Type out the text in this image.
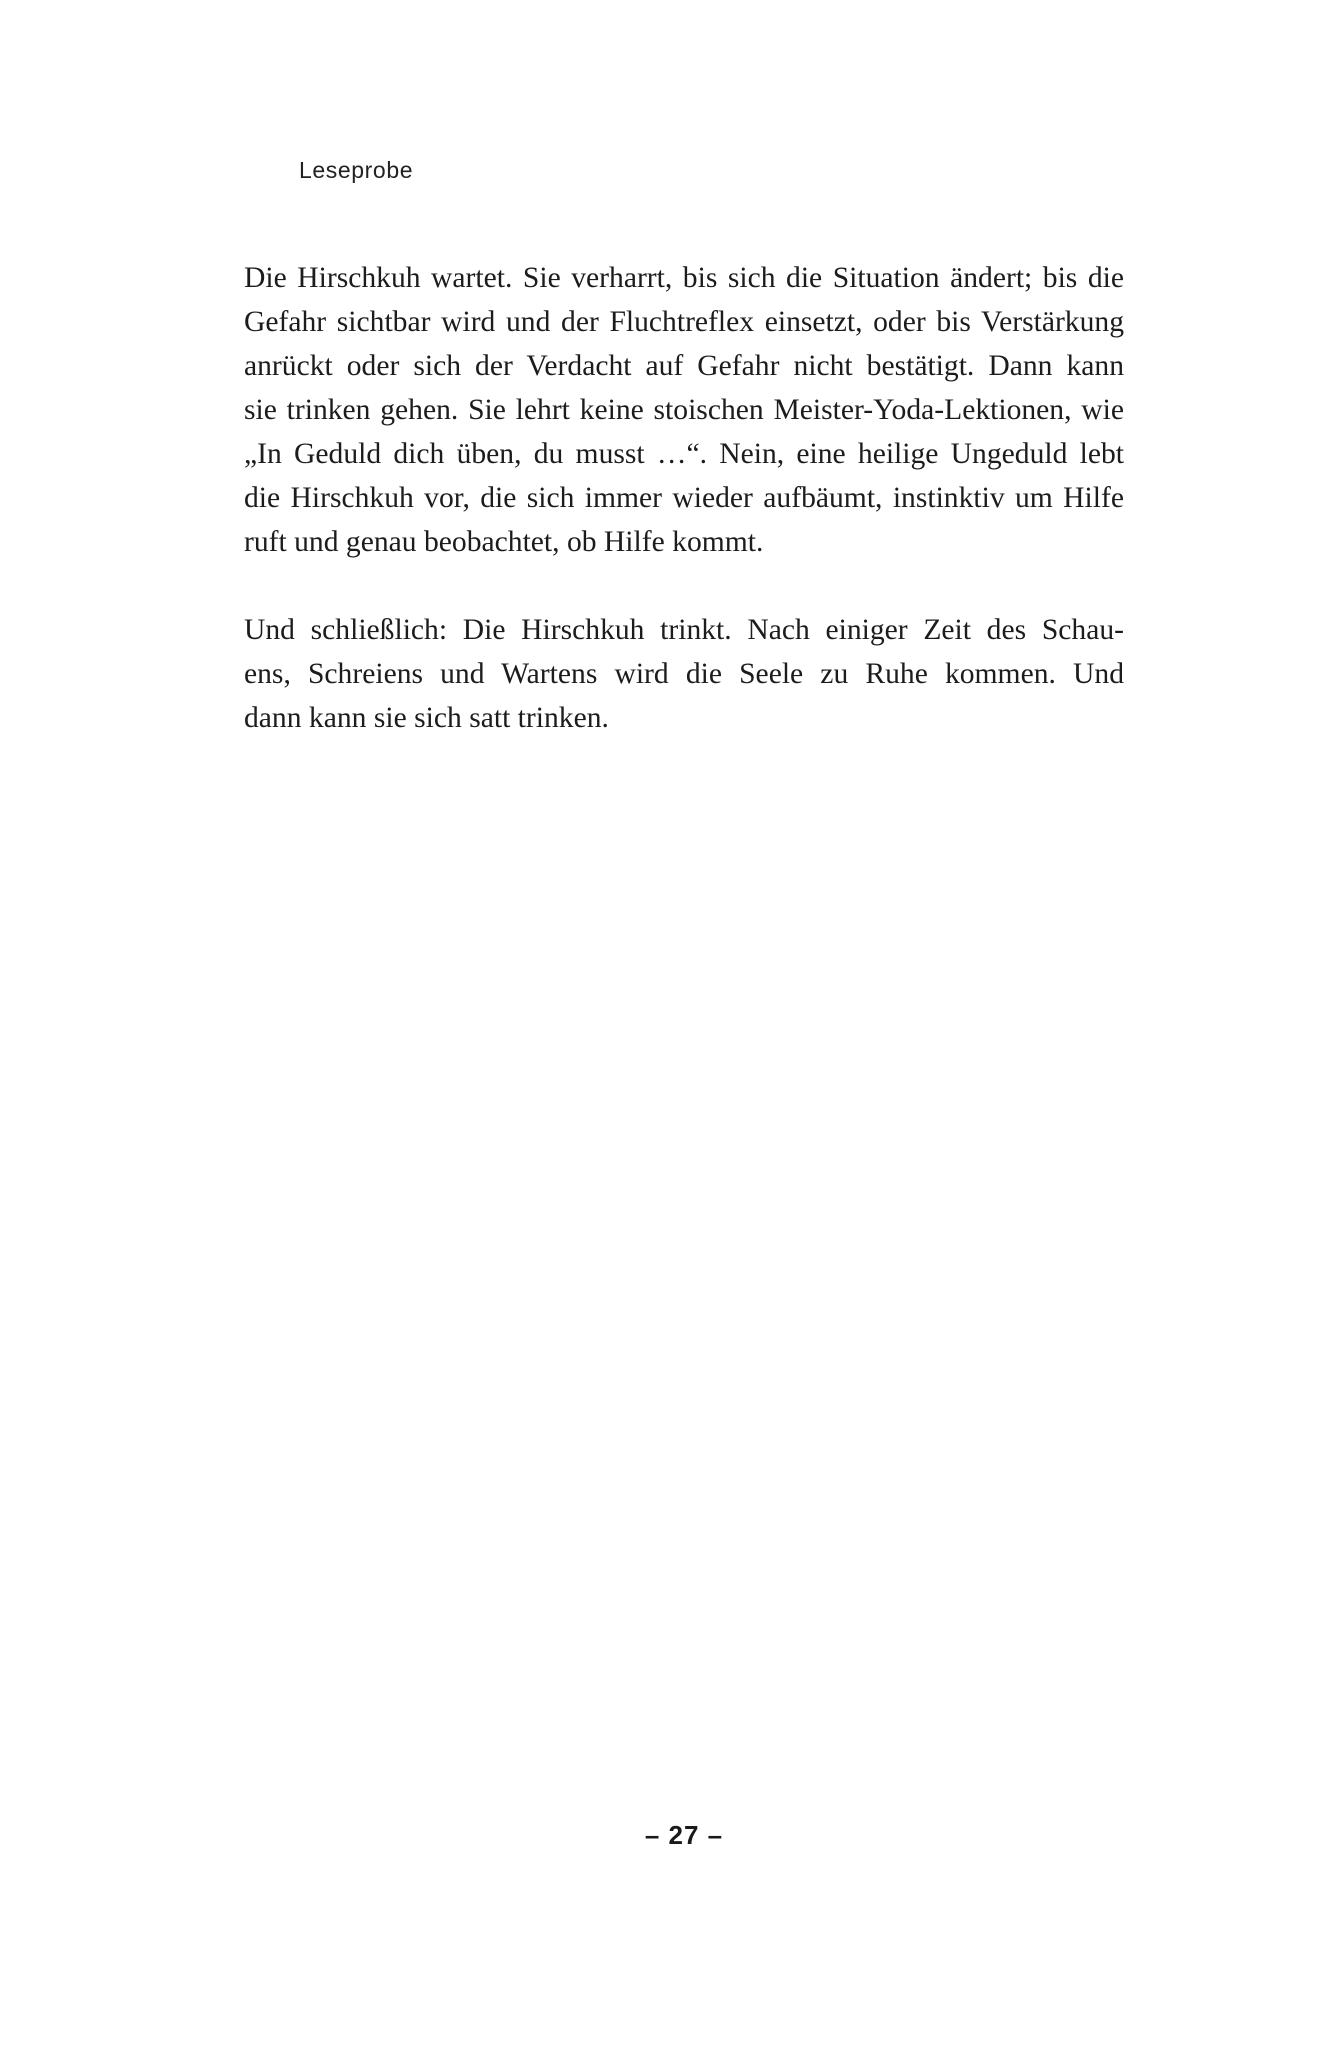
Leseprobe
Die Hirschkuh wartet. Sie verharrt, bis sich die Situation ändert; bis die
Gefahr sichtbar wird und der Fluchtreflex einsetzt, oder bis Verstärkung
anrückt oder sich der Verdacht auf Gefahr nicht bestätigt. Dann kann
sie trinken gehen. Sie lehrt keine stoischen Meister-Yoda-Lektionen, wie
„In Geduld dich üben, du musst …“. Nein, eine heilige Ungeduld lebt
die Hirschkuh vor, die sich immer wieder aufbäumt, instinktiv um Hilfe
ruft und genau beobachtet, ob Hilfe kommt.
Und schließlich: Die Hirschkuh trinkt. Nach einiger Zeit des Schau-
ens, Schreiens und Wartens wird die Seele zu Ruhe kommen. Und
dann kann sie sich satt trinken.
– 27 –
